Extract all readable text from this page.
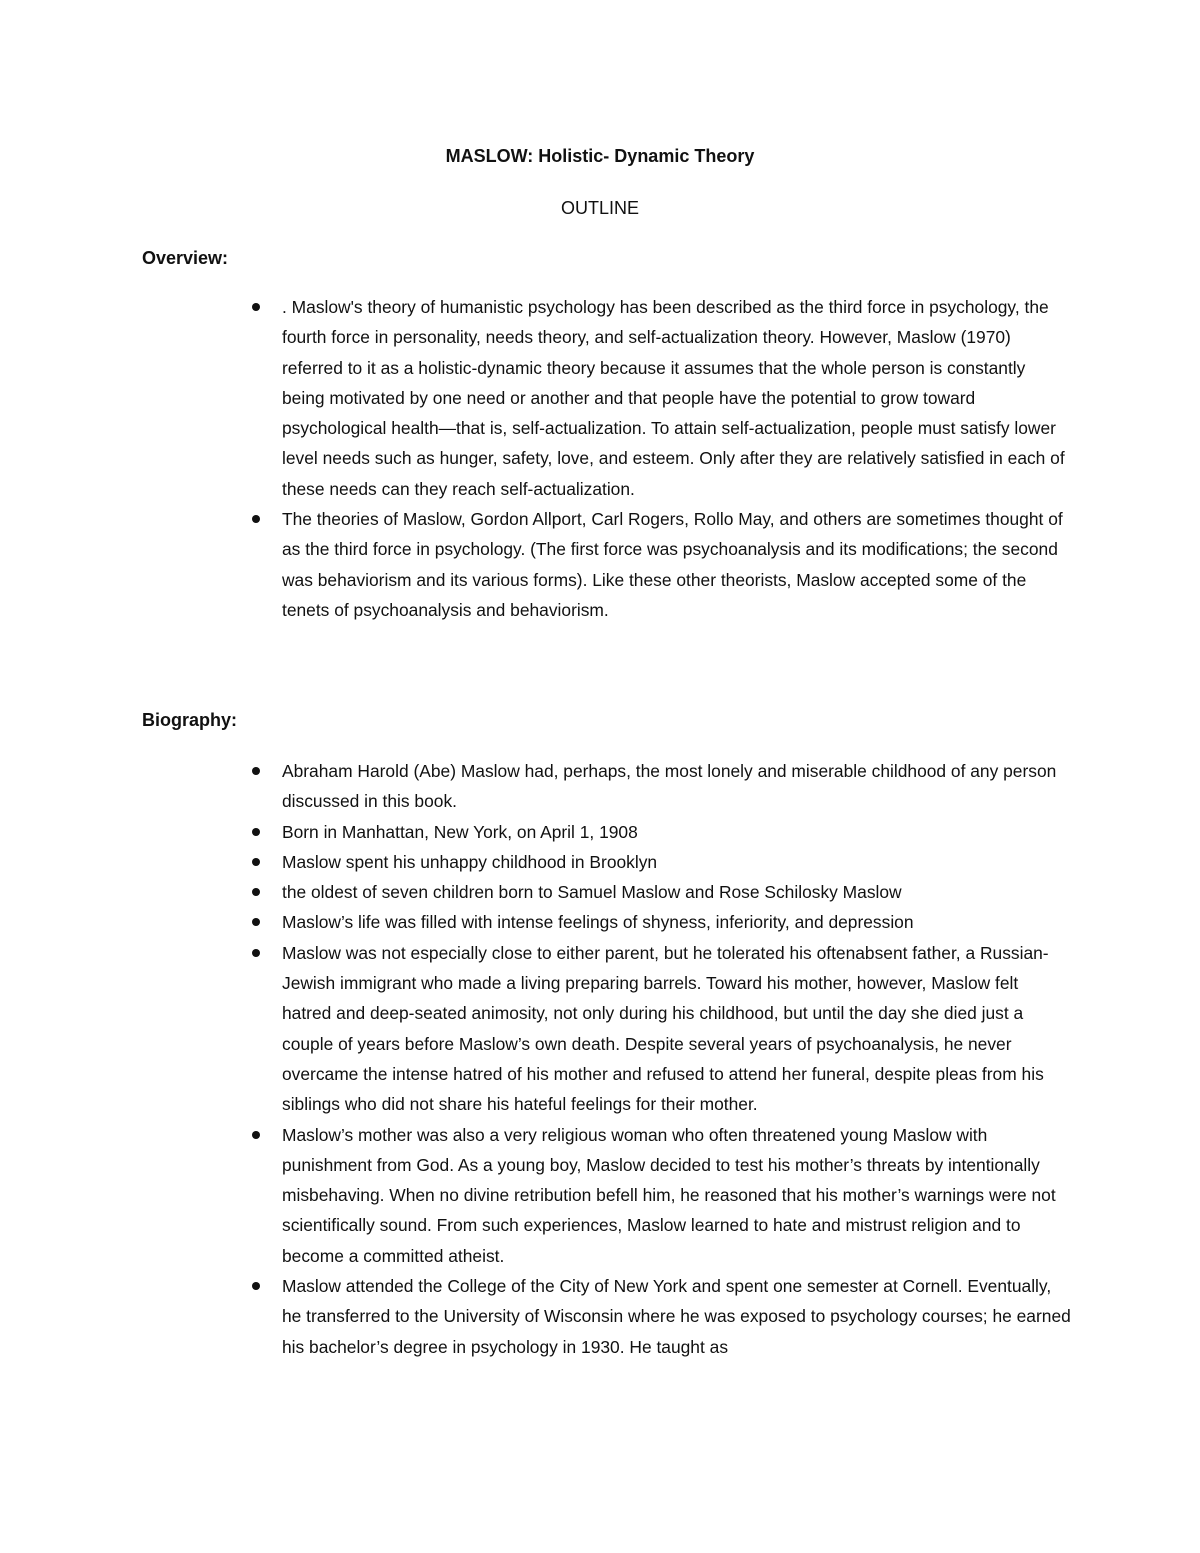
MASLOW: Holistic- Dynamic Theory
OUTLINE
Overview:
. Maslow's theory of humanistic psychology has been described as the third force in psychology, the fourth force in personality, needs theory, and self-actualization theory. However, Maslow (1970) referred to it as a holistic-dynamic theory because it assumes that the whole person is constantly being motivated by one need or another and that people have the potential to grow toward psychological health—that is, self-actualization. To attain self-actualization, people must satisfy lower level needs such as hunger, safety, love, and esteem. Only after they are relatively satisfied in each of these needs can they reach self-actualization.
The theories of Maslow, Gordon Allport, Carl Rogers, Rollo May, and others are sometimes thought of as the third force in psychology. (The first force was psychoanalysis and its modifications; the second was behaviorism and its various forms). Like these other theorists, Maslow accepted some of the tenets of psychoanalysis and behaviorism.
Biography:
Abraham Harold (Abe) Maslow had, perhaps, the most lonely and miserable childhood of any person discussed in this book.
Born in Manhattan, New York, on April 1, 1908
Maslow spent his unhappy childhood in Brooklyn
the oldest of seven children born to Samuel Maslow and Rose Schilosky Maslow
Maslow’s life was filled with intense feelings of shyness, inferiority, and depression
Maslow was not especially close to either parent, but he tolerated his oftenabsent father, a Russian-Jewish immigrant who made a living preparing barrels. Toward his mother, however, Maslow felt hatred and deep-seated animosity, not only during his childhood, but until the day she died just a couple of years before Maslow’s own death. Despite several years of psychoanalysis, he never overcame the intense hatred of his mother and refused to attend her funeral, despite pleas from his siblings who did not share his hateful feelings for their mother.
Maslow’s mother was also a very religious woman who often threatened young Maslow with punishment from God. As a young boy, Maslow decided to test his mother’s threats by intentionally misbehaving. When no divine retribution befell him, he reasoned that his mother’s warnings were not scientifically sound. From such experiences, Maslow learned to hate and mistrust religion and to become a committed atheist.
Maslow attended the College of the City of New York and spent one semester at Cornell. Eventually, he transferred to the University of Wisconsin where he was exposed to psychology courses; he earned his bachelor’s degree in psychology in 1930. He taught as
